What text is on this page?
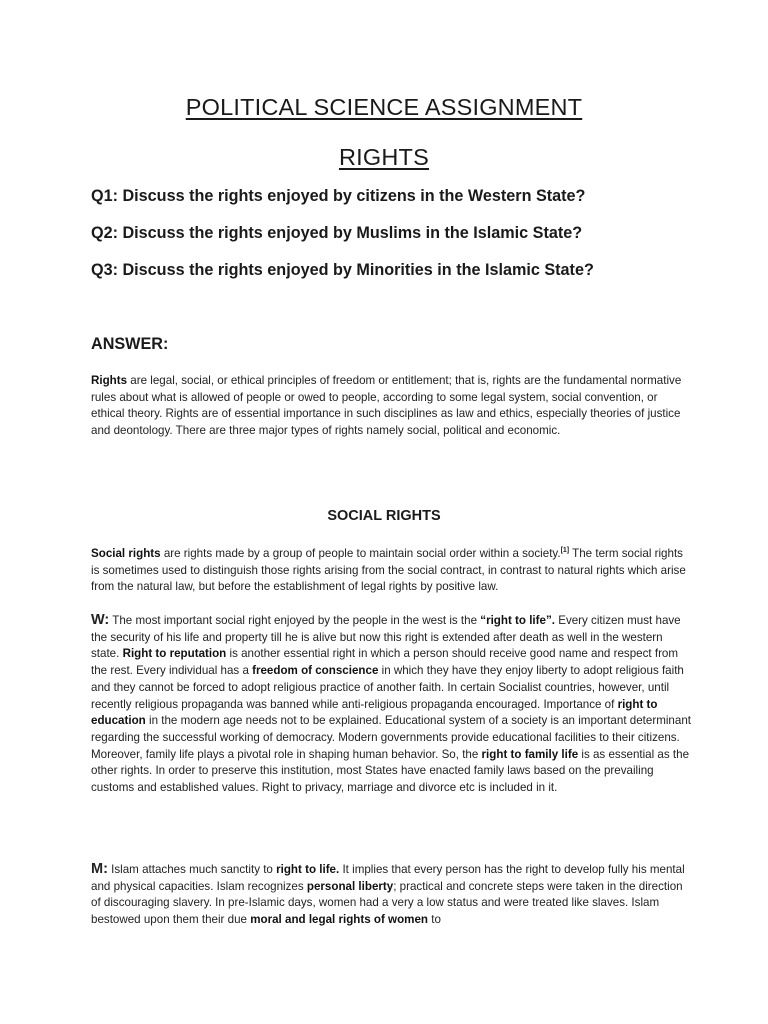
POLITICAL SCIENCE ASSIGNMENT
RIGHTS

Q1: Discuss the rights enjoyed by citizens in the Western State?

Q2: Discuss the rights enjoyed by Muslims in the Islamic State?

Q3: Discuss the rights enjoyed by Minorities in the Islamic State?

ANSWER:

Rights are legal, social, or ethical principles of freedom or entitlement; that is, rights are the fundamental normative rules about what is allowed of people or owed to people, according to some legal system, social convention, or ethical theory. Rights are of essential importance in such disciplines as law and ethics, especially theories of justice and deontology. There are three major types of rights namely social, political and economic.

SOCIAL RIGHTS

Social rights are rights made by a group of people to maintain social order within a society.[1] The term social rights is sometimes used to distinguish those rights arising from the social contract, in contrast to natural rights which arise from the natural law, but before the establishment of legal rights by positive law.

W: The most important social right enjoyed by the people in the west is the “right to life”. Every citizen must have the security of his life and property till he is alive but now this right is extended after death as well in the western state. Right to reputation is another essential right in which a person should receive good name and respect from the rest. Every individual has a freedom of conscience in which they have they enjoy liberty to adopt religious faith and they cannot be forced to adopt religious practice of another faith. In certain Socialist countries, however, until recently religious propaganda was banned while anti-religious propaganda encouraged. Importance of right to education in the modern age needs not to be explained. Educational system of a society is an important determinant regarding the successful working of democracy. Modern governments provide educational facilities to their citizens. Moreover, family life plays a pivotal role in shaping human behavior. So, the right to family life is as essential as the other rights. In order to preserve this institution, most States have enacted family laws based on the prevailing customs and established values. Right to privacy, marriage and divorce etc is included in it.

M: Islam attaches much sanctity to right to life. It implies that every person has the right to develop fully his mental and physical capacities. Islam recognizes personal liberty; practical and concrete steps were taken in the direction of discouraging slavery. In pre-Islamic days, women had a very a low status and were treated like slaves. Islam bestowed upon them their due moral and legal rights of women to
